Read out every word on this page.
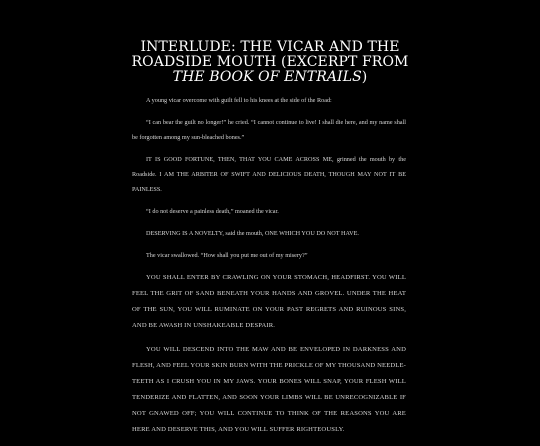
INTERLUDE: THE VICAR AND THE
ROADSIDE MOUTH (EXCERPT FROM
THE BOOK OF ENTRAILS)

A young vicar overcome with guilt fell to his knees at the side of the Road:

“I can bear the guilt no longer!” he cried. “I cannot continue to live! I shall die here, and my name shall be forgotten among my sun-bleached bones.”

IT IS GOOD FORTUNE, THEN, THAT YOU CAME ACROSS ME, grinned the mouth by the Roadside. I AM THE ARBITER OF SWIFT AND DELICIOUS DEATH, THOUGH MAY NOT IT BE PAINLESS.

“I do not deserve a painless death,” moaned the vicar.

DESERVING IS A NOVELTY, said the mouth, ONE WHICH YOU DO NOT HAVE.

The vicar swallowed. “How shall you put me out of my misery?”

YOU SHALL ENTER BY CRAWLING ON YOUR STOMACH, HEADFIRST. YOU WILL FEEL THE GRIT OF SAND BENEATH YOUR HANDS AND GROVEL. UNDER THE HEAT OF THE SUN, YOU WILL RUMINATE ON YOUR PAST REGRETS AND RUINOUS SINS, AND BE AWASH IN UNSHAKEABLE DESPAIR.

YOU WILL DESCEND INTO THE MAW AND BE ENVELOPED IN DARKNESS AND FLESH, AND FEEL YOUR SKIN BURN WITH THE PRICKLE OF MY THOUSAND NEEDLE-TEETH AS I CRUSH YOU IN MY JAWS. YOUR BONES WILL SNAP, YOUR FLESH WILL TENDERIZE AND FLATTEN, AND SOON YOUR LIMBS WILL BE UNRECOGNIZABLE IF NOT GNAWED OFF; YOU WILL CONTINUE TO THINK OF THE REASONS YOU ARE HERE AND DESERVE THIS, AND YOU WILL SUFFER RIGHTEOUSLY.
